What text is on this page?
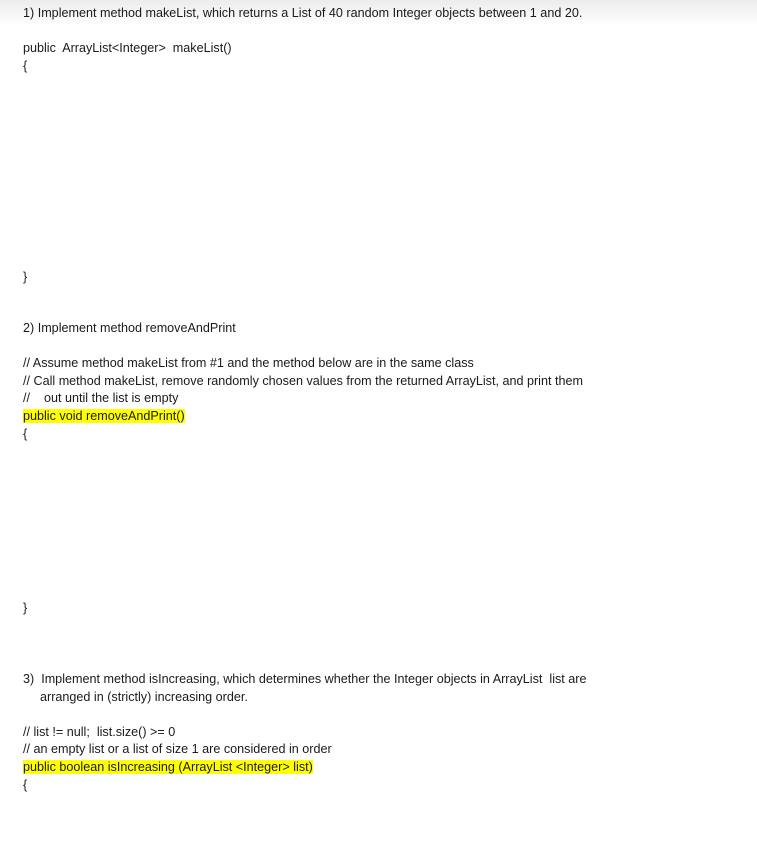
1) Implement method makeList, which returns a List of 40 random Integer objects between 1 and 20.
public  ArrayList<Integer>  makeList()
{
}
2) Implement method removeAndPrint
// Assume method makeList from #1 and the method below are in the same class
// Call method makeList, remove randomly chosen values from the returned ArrayList, and print them
//    out until the list is empty
public void removeAndPrint()
{
}
3)  Implement method isIncreasing, which determines whether the Integer objects in ArrayList  list are
arranged in (strictly) increasing order.
// list != null;  list.size() >= 0
// an empty list or a list of size 1 are considered in order
public boolean isIncreasing (ArrayList <Integer> list)
{
